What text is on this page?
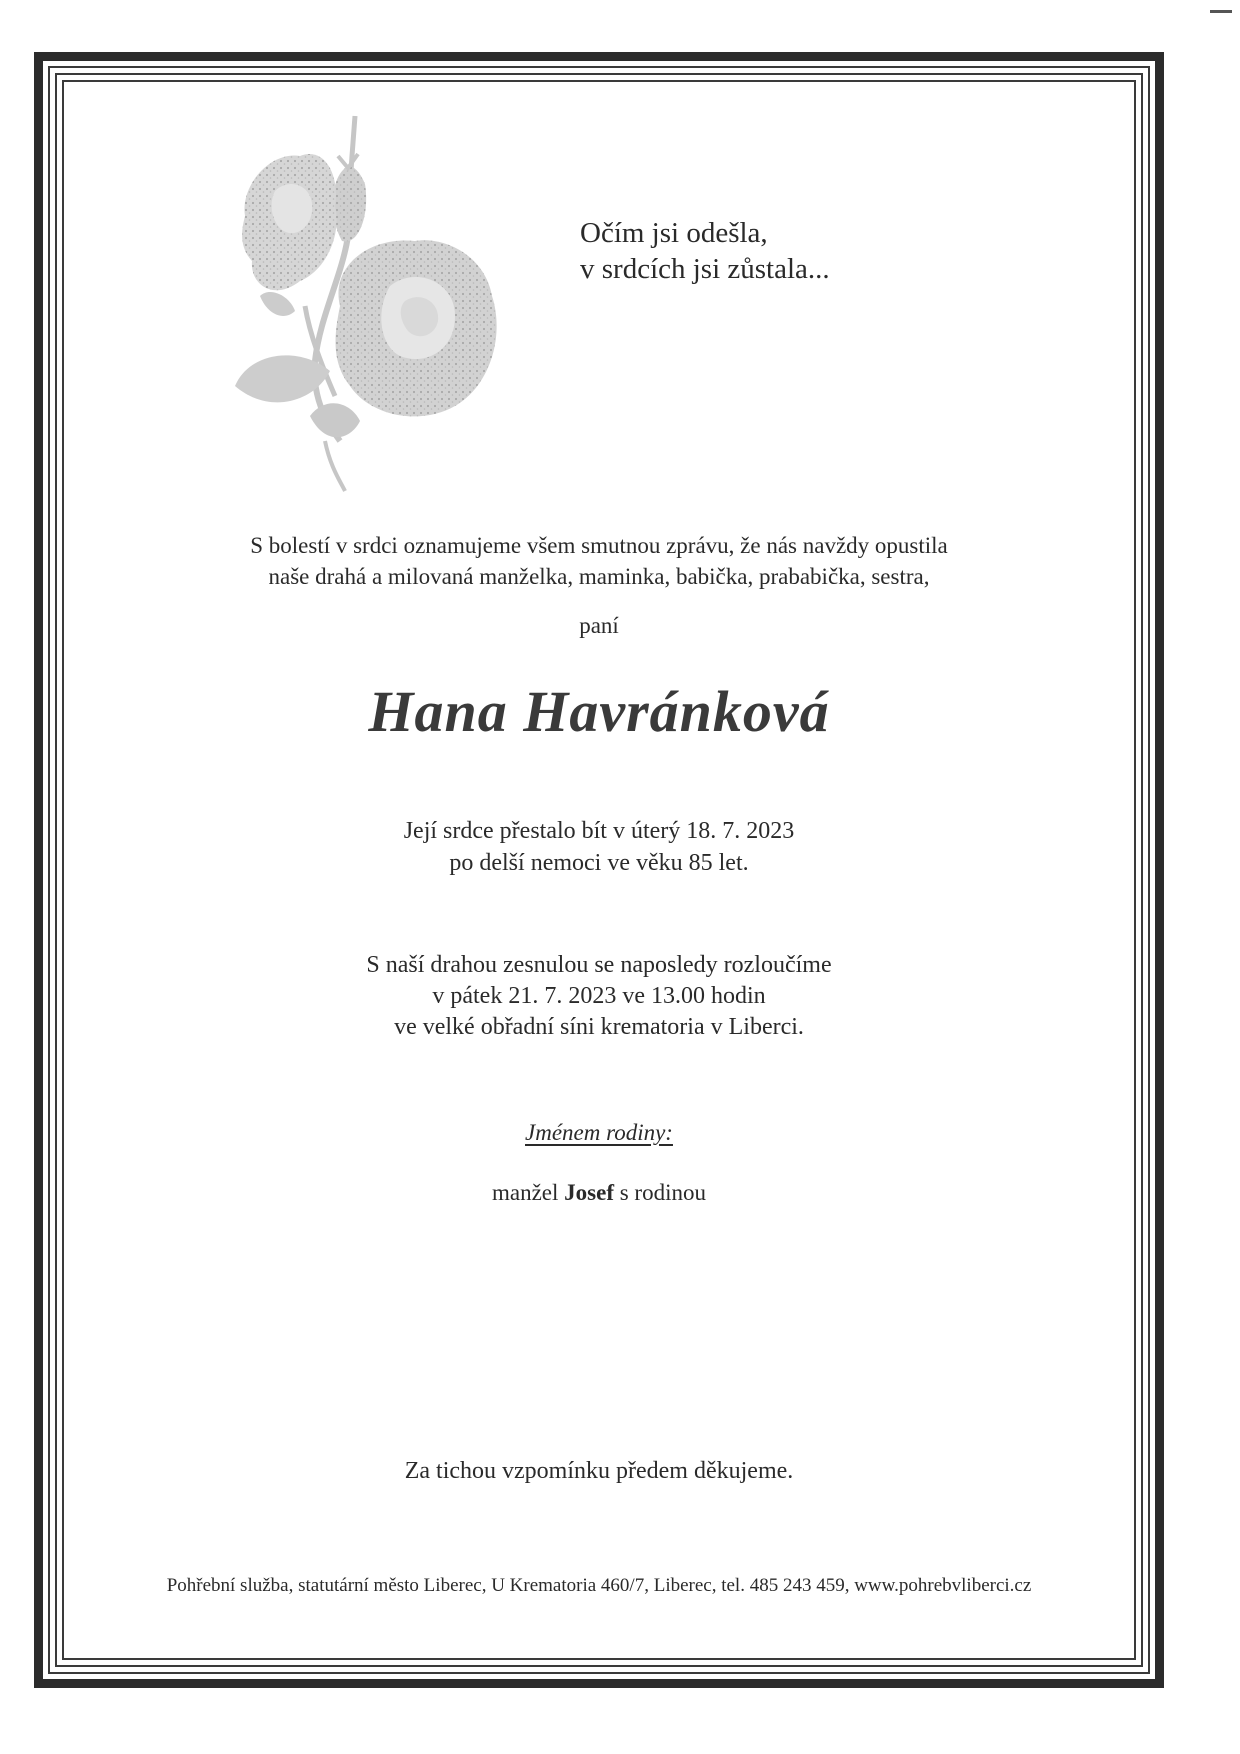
Očím jsi odešla,
v srdcích jsi zůstala...
S bolestí v srdci oznamujeme všem smutnou zprávu, že nás navždy opustila
naše drahá a milovaná manželka, maminka, babička, prababička, sestra,
paní
Hana Havránková
Její srdce přestalo bít v úterý 18. 7. 2023
po delší nemoci ve věku 85 let.
S naší drahou zesnulou se naposledy rozloučíme
v pátek 21. 7. 2023 ve 13.00 hodin
ve velké obřadní síni krematoria v Liberci.
Jménem rodiny:
manžel Josef s rodinou
Za tichou vzpomínku předem děkujeme.
Pohřební služba, statutární město Liberec, U Krematoria 460/7, Liberec, tel. 485 243 459, www.pohrebvliberci.cz
